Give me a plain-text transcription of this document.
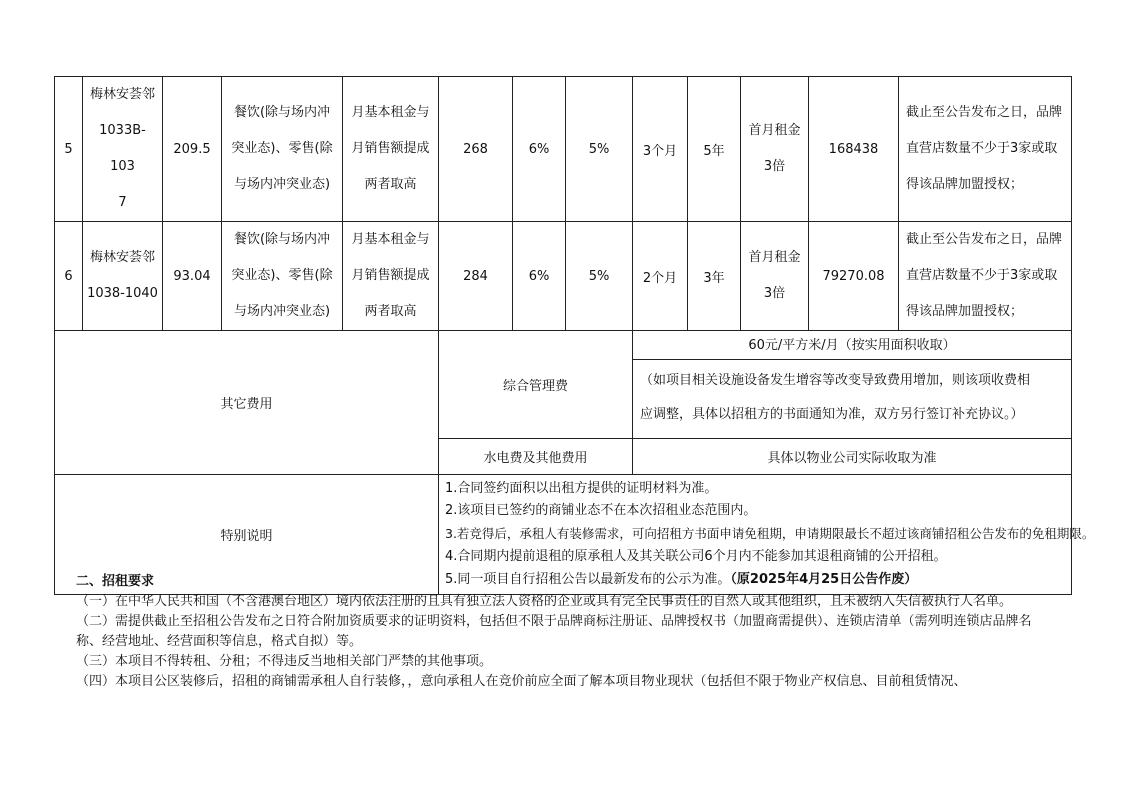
5	梅林安荟邻
1033B-103
7	209.5	餐饮(除与场内冲
突业态)、零售(除
与场内冲突业态)	月基本租金与
月销售额提成
两者取高	268	6%	5%	3个月	5年	首月租金
3倍	168438	截止至公告发布之日，品牌
直营店数量不少于3家或取
得该品牌加盟授权；
6	梅林安荟邻
1038-1040	93.04	餐饮(除与场内冲
突业态)、零售(除
与场内冲突业态)	月基本租金与
月销售额提成
两者取高	284	6%	5%	2个月	3年	首月租金
3倍	79270.08	截止至公告发布之日，品牌
直营店数量不少于3家或取
得该品牌加盟授权；
其它费用					综合管理费			60元/平方米/月（按实用面积收取）
（如项目相关设施设备发生增容等改变导致费用增加，则该项收费相
应调整，具体以招租方的书面通知为准，双方另行签订补充协议。）				

					水电费及其他费用			具体以物业公司实际收取为准				
特别说明					1.合同签约面积以出租方提供的证明材料为准。
2.该项目已签约的商铺业态不在本次招租业态范围内。
3.若竞得后，承租人有装修需求，可向招租方书面申请免租期，申请期限最长不超过该商铺招租公告发布的免租期限。
4.合同期内提前退租的原承租人及其关联公司6个月内不能参加其退租商铺的公开招租。
5.同一项目自行招租公告以最新发布的公示为准。（原2025年4月25日公告作废）							
二、招租要求

（一）在中华人民共和国（不含港澳台地区）境内依法注册的且具有独立法人资格的企业或具有完全民事责任的自然人或其他组织，且未被纳入失信被执行人名单。

（二）需提供截止至招租公告发布之日符合附加资质要求的证明资料，包括但不限于品牌商标注册证、品牌授权书（加盟商需提供）、连锁店清单（需列明连锁店品牌名称、经营地址、经营面积等信息，格式自拟）等。

（三）本项目不得转租、分租；不得违反当地相关部门严禁的其他事项。

（四）本项目公区装修后，招租的商铺需承租人自行装修，，意向承租人在竞价前应全面了解本项目物业现状（包括但不限于物业产权信息、目前租赁情况、
